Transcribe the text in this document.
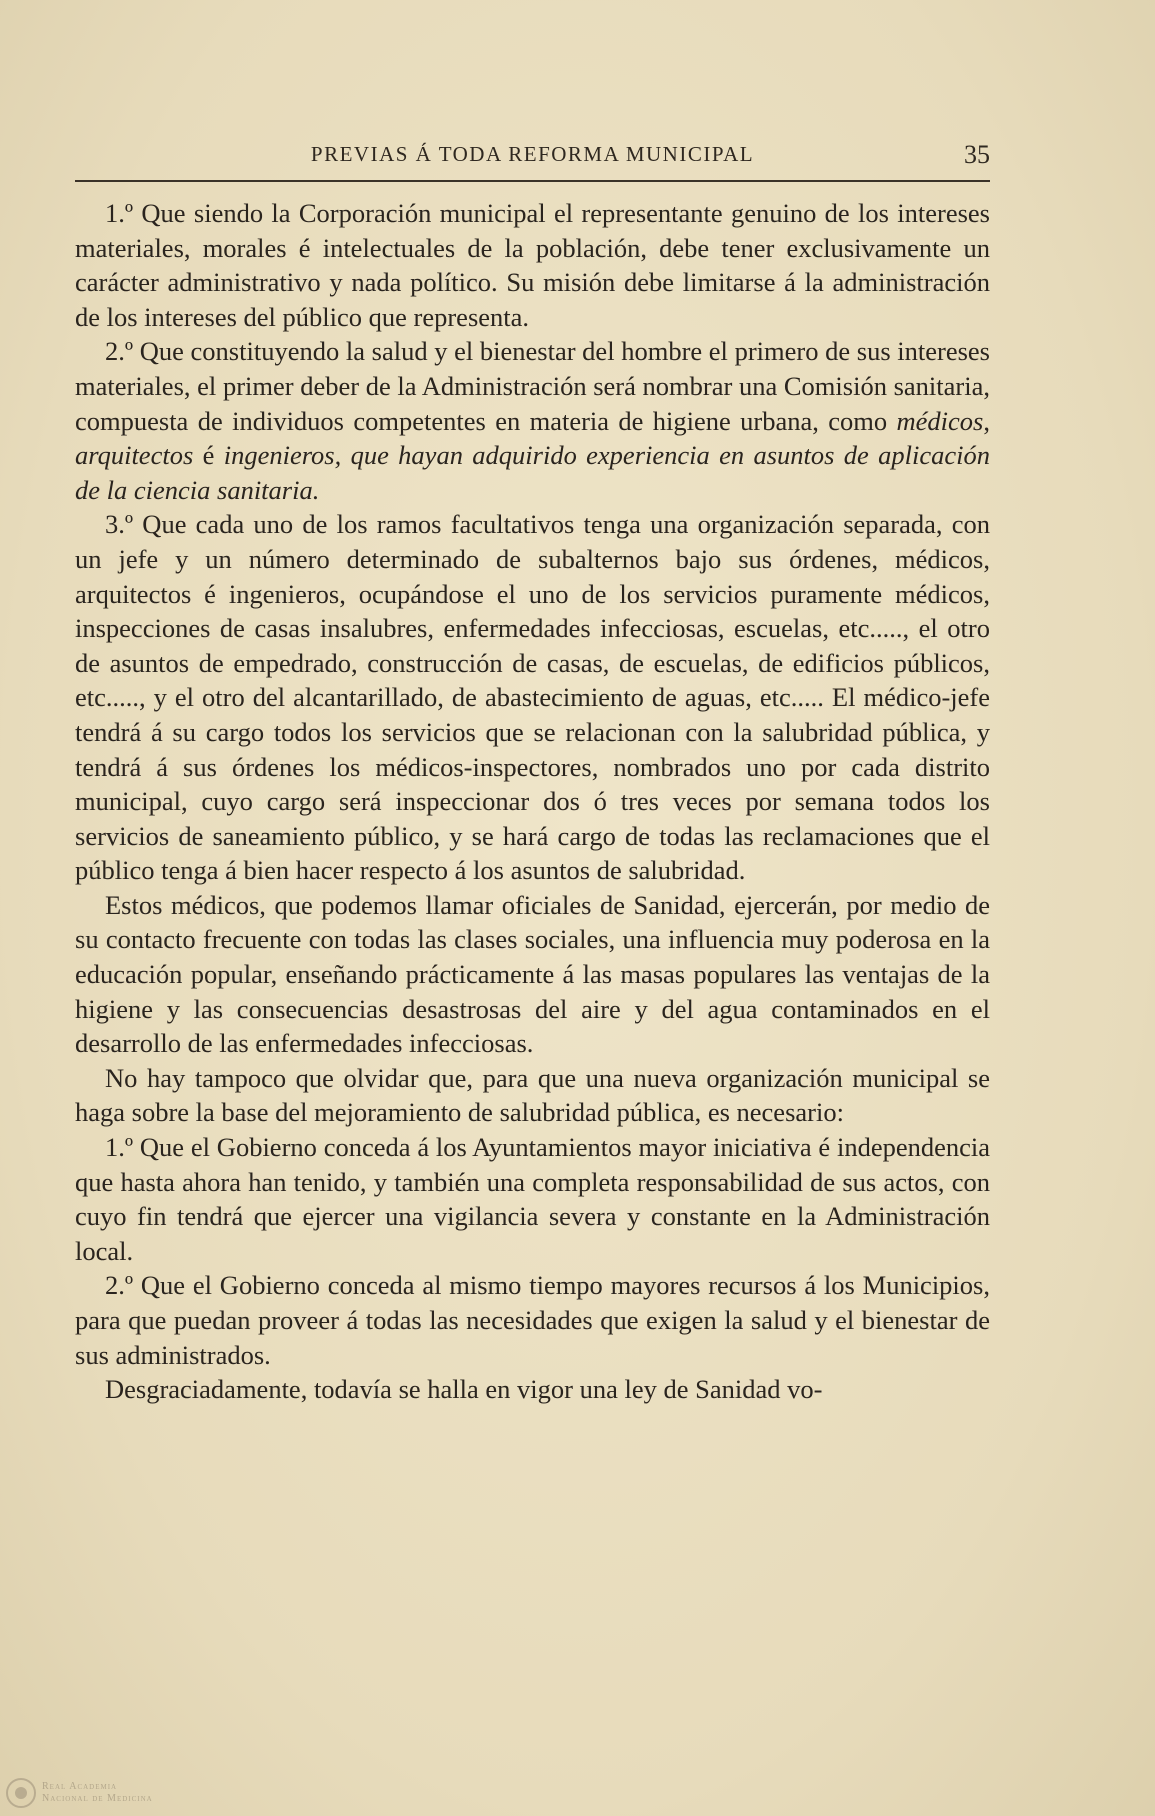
PREVIAS Á TODA REFORMA MUNICIPAL	35

1.º Que siendo la Corporación municipal el representante genuino de los intereses materiales, morales é intelectuales de la población, debe tener exclusivamente un carácter administrativo y nada político. Su misión debe limitarse á la administración de los intereses del público que representa.

2.º Que constituyendo la salud y el bienestar del hombre el primero de sus intereses materiales, el primer deber de la Administración será nombrar una Comisión sanitaria, compuesta de individuos competentes en materia de higiene urbana, como médicos, arquitectos é ingenieros, que hayan adquirido experiencia en asuntos de aplicación de la ciencia sanitaria.

3.º Que cada uno de los ramos facultativos tenga una organización separada, con un jefe y un número determinado de subalternos bajo sus órdenes, médicos, arquitectos é ingenieros, ocupándose el uno de los servicios puramente médicos, inspecciones de casas insalubres, enfermedades infecciosas, escuelas, etc....., el otro de asuntos de empedrado, construcción de casas, de escuelas, de edificios públicos, etc....., y el otro del alcantarillado, de abastecimiento de aguas, etc..... El médico-jefe tendrá á su cargo todos los servicios que se relacionan con la salubridad pública, y tendrá á sus órdenes los médicos-inspectores, nombrados uno por cada distrito municipal, cuyo cargo será inspeccionar dos ó tres veces por semana todos los servicios de saneamiento público, y se hará cargo de todas las reclamaciones que el público tenga á bien hacer respecto á los asuntos de salubridad.

Estos médicos, que podemos llamar oficiales de Sanidad, ejercerán, por medio de su contacto frecuente con todas las clases sociales, una influencia muy poderosa en la educación popular, enseñando prácticamente á las masas populares las ventajas de la higiene y las consecuencias desastrosas del aire y del agua contaminados en el desarrollo de las enfermedades infecciosas.

No hay tampoco que olvidar que, para que una nueva organización municipal se haga sobre la base del mejoramiento de salubridad pública, es necesario:

1.º Que el Gobierno conceda á los Ayuntamientos mayor iniciativa é independencia que hasta ahora han tenido, y también una completa responsabilidad de sus actos, con cuyo fin tendrá que ejercer una vigilancia severa y constante en la Administración local.

2.º Que el Gobierno conceda al mismo tiempo mayores recursos á los Municipios, para que puedan proveer á todas las necesidades que exigen la salud y el bienestar de sus administrados.

Desgraciadamente, todavía se halla en vigor una ley de Sanidad vo-

Real Academia
Nacional de Medicina
